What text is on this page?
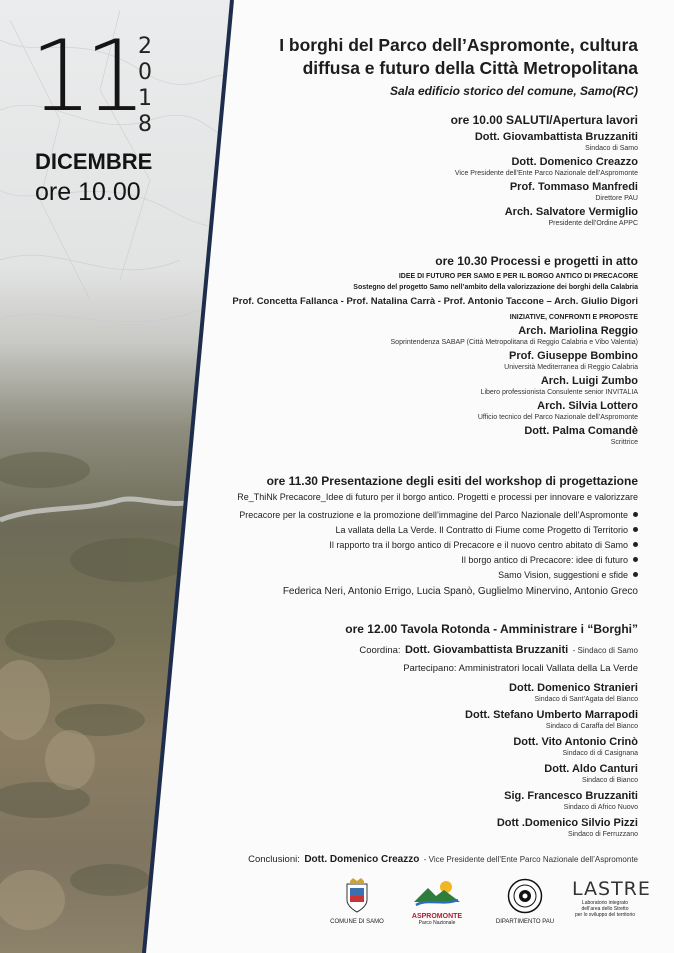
11 2
0
1
8
DICEMBRE
ore 10.00
I borghi del Parco dell’Aspromonte, cultura
diffusa e futuro della Città Metropolitana
Sala edificio storico del comune, Samo(RC)
ore 10.00 SALUTI/Apertura lavori
Dott. Giovambattista Bruzzaniti
Sindaco di Samo
Dott. Domenico Creazzo
Vice Presidente dell’Ente Parco Nazionale dell’Aspromonte
Prof. Tommaso Manfredi
Direttore PAU
Arch. Salvatore Vermiglio
Presidente dell’Ordine APPC
ore 10.30 Processi e progetti in atto
IDEE DI FUTURO PER SAMO E PER IL BORGO ANTICO DI PRECACORE
Sostegno del progetto Samo nell’ambito della valorizzazione dei borghi della Calabria
Prof. Concetta Fallanca - Prof. Natalina Carrà - Prof. Antonio Taccone – Arch. Giulio Digori
INIZIATIVE, CONFRONTI E PROPOSTE
Arch. Mariolina Reggio
Soprintendenza SABAP (Città Metropolitana di Reggio Calabria e Vibo Valentia)
Prof. Giuseppe Bombino
Università Mediterranea di Reggio Calabria
Arch. Luigi Zumbo
Libero professionista Consulente senior INVITALIA
Arch. Silvia Lottero
Ufficio tecnico del Parco Nazionale dell’Aspromonte
Dott. Palma Comandè
Scrittrice
ore 11.30 Presentazione degli esiti del workshop di progettazione
Re_ThiNk Precacore_Idee di futuro per il borgo antico. Progetti e processi per innovare e valorizzare
Precacore per la costruzione e la promozione dell’immagine del Parco Nazionale dell’Aspromonte
La vallata della La Verde. Il Contratto di Fiume come Progetto di Territorio
Il rapporto tra il borgo antico di Precacore e il nuovo centro abitato di Samo
Il borgo antico di Precacore: idee di futuro
Samo Vision, suggestioni e sfide
Federica Neri, Antonio Errigo, Lucia Spanò, Guglielmo Minervino, Antonio Greco
ore 12.00 Tavola Rotonda - Amministrare i “Borghi”
Coordina: Dott. Giovambattista Bruzzaniti - Sindaco di Samo
Partecipano: Amministratori locali Vallata della La Verde
Dott. Domenico Stranieri
Sindaco di Sant’Agata del Bianco
Dott. Stefano Umberto Marrapodi
Sindaco di Caraffa del Bianco
Dott. Vito Antonio Crinò
Sindaco di di Casignana
Dott. Aldo Canturi
Sindaco di Bianco
Sig. Francesco Bruzzaniti
Sindaco di Africo Nuovo
Dott .Domenico Silvio Pizzi
Sindaco di Ferruzzano
Conclusioni: Dott. Domenico Creazzo - Vice Presidente dell’Ente Parco Nazionale dell’Aspromonte
COMUNE DI SAMO
ASPROMONTE
Parco Nazionale	DIPARTIMENTO PAU
LASTRE
Laboratorio integrato
dell’area dello Stretto
per lo sviluppo del territorio
